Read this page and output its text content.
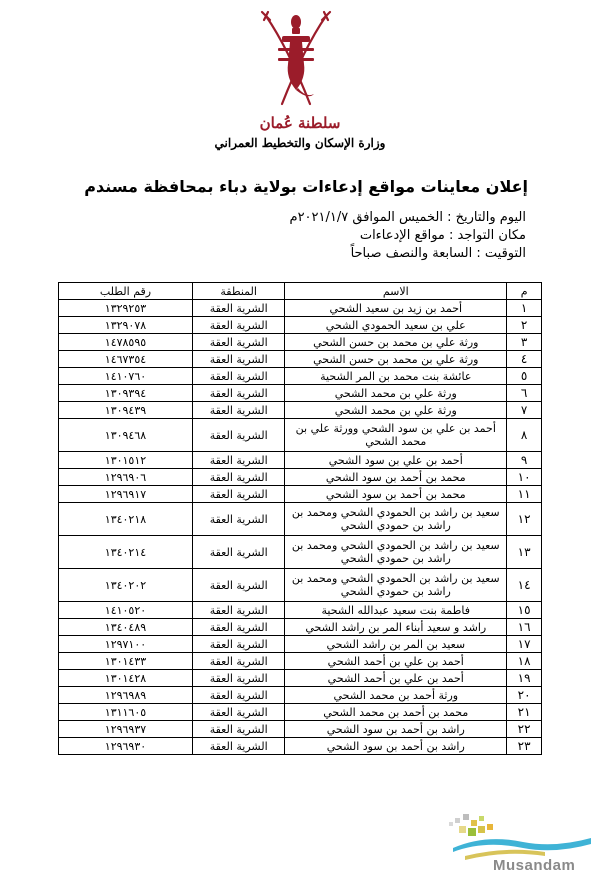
سلطنة عُمان
وزارة الإسكان والتخطيط العمراني
إعلان معاينات مواقع إدعاءات بولاية دباء بمحافظة مسندم
اليوم والتاريخ : الخميس الموافق ٢٠٢١/١/٧م
مكان التواجد : مواقع الإدعاءات
التوقيت : السابعة والنصف صباحاً
م	الاسم	المنطقة	رقم الطلب
١	أحمد بن زيد بن سعيد الشحي	الشرية العقة	١٣٢٩٢٥٣
٢	علي بن سعيد الحمودي الشحي	الشرية العقة	١٣٢٩٠٧٨
٣	ورثة علي بن محمد بن حسن الشحي	الشرية العقة	١٤٧٨٥٩٥
٤	ورثة علي بن محمد بن حسن الشحي	الشرية العقة	١٤٦٧٣٥٤
٥	عائشة بنت محمد بن المر الشحية	الشرية العقة	١٤١٠٧٦٠
٦	ورثة علي بن محمد الشحي	الشرية العقة	١٣٠٩٣٩٤
٧	ورثة علي بن محمد الشحي	الشرية العقة	١٣٠٩٤٣٩
٨	أحمد بن علي بن سود الشحي وورثة علي بن محمد الشحي	الشرية العقة	١٣٠٩٤٦٨
٩	أحمد بن علي بن سود الشحي	الشرية العقة	١٣٠١٥١٢
١٠	محمد بن أحمد بن سود الشحي	الشرية العقة	١٢٩٦٩٠٦
١١	محمد بن أحمد بن سود الشحي	الشرية العقة	١٢٩٦٩١٧
١٢	سعيد بن راشد بن الحمودي الشحي ومحمد بن راشد بن حمودي الشحي	الشرية العقة	١٣٤٠٢١٨
١٣	سعيد بن راشد بن الحمودي الشحي ومحمد بن راشد بن حمودي الشحي	الشرية العقة	١٣٤٠٢١٤
١٤	سعيد بن راشد بن الحمودي الشحي ومحمد بن راشد بن حمودي الشحي	الشرية العقة	١٣٤٠٢٠٢
١٥	فاطمة بنت سعيد عبدالله الشحية	الشرية العقة	١٤١٠٥٢٠
١٦	راشد و سعيد أبناء المر بن راشد الشحي	الشرية العقة	١٣٤٠٤٨٩
١٧	سعيد بن المر بن راشد الشحي	الشرية العقة	١٢٩٧١٠٠
١٨	أحمد بن علي بن أحمد الشحي	الشرية العقة	١٣٠١٤٣٣
١٩	أحمد بن علي بن أحمد الشحي	الشرية العقة	١٣٠١٤٢٨
٢٠	ورثة أحمد بن محمد الشحي	الشرية العقة	١٢٩٦٩٨٩
٢١	محمد بن أحمد بن محمد الشحي	الشرية العقة	١٣١١٦٠٥
٢٢	راشد بن أحمد بن سود الشحي	الشرية العقة	١٢٩٦٩٣٧
٢٣	راشد بن أحمد بن سود الشحي	الشرية العقة	١٢٩٦٩٣٠
Musandam
